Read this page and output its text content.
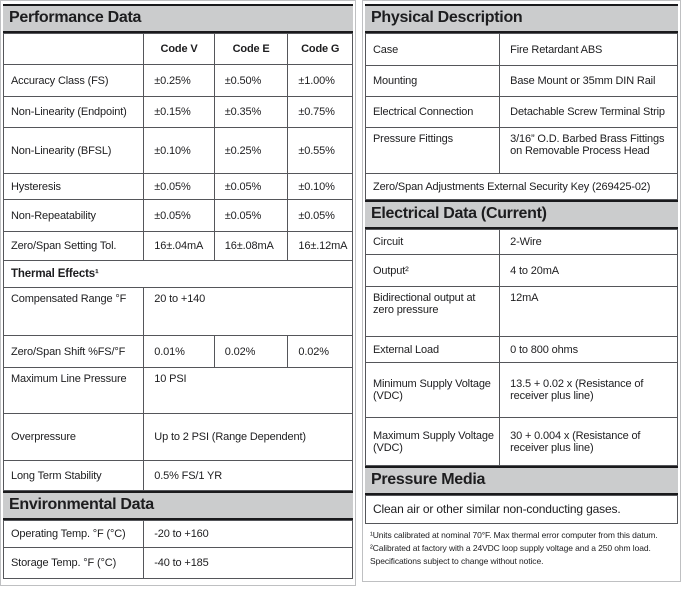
Performance Data
	Code V	Code E	Code G
Accuracy Class (FS)	±0.25%	±0.50%	±1.00%
Non-Linearity (Endpoint)	±0.15%	±0.35%	±0.75%
Non-Linearity (BFSL)	±0.10%	±0.25%	±0.55%
Hysteresis	±0.05%	±0.05%	±0.10%
Non-Repeatability	±0.05%	±0.05%	±0.05%
Zero/Span Setting Tol.	16±.04mA	16±.08mA	16±.12mA
Thermal Effects¹			
Compensated Range °F	20 to +140		
Zero/Span Shift %FS/°F	0.01%	0.02%	0.02%
Maximum Line Pressure	10 PSI		
Overpressure	Up to 2 PSI (Range Dependent)		
Long Term Stability	0.5% FS/1 YR		
Environmental Data
Operating Temp. °F (°C)	-20 to +160
Storage Temp. °F (°C)	-40 to +185
Physical Description
Case	Fire Retardant ABS
Mounting	Base Mount or 35mm DIN Rail
Electrical Connection	Detachable Screw Terminal Strip
Pressure Fittings	3/16” O.D. Barbed Brass Fittings on Removable Process Head
Zero/Span Adjustments External Security Key (269425-02)	
Electrical Data (Current)
Circuit	2-Wire
Output²	4 to 20mA
Bidirectional output at zero pressure	12mA
External Load	0 to 800 ohms
Minimum Supply Voltage (VDC)	13.5 + 0.02 x (Resistance of receiver plus line)
Maximum Supply Voltage (VDC)	30 + 0.004 x (Resistance of receiver plus line)
Pressure Media
Clean air or other similar non-conducting gases.
¹Units calibrated at nominal 70°F. Max thermal error computer from this datum.
²Calibrated at factory with a 24VDC loop supply voltage and a 250 ohm load.
Specifications subject to change without notice.
